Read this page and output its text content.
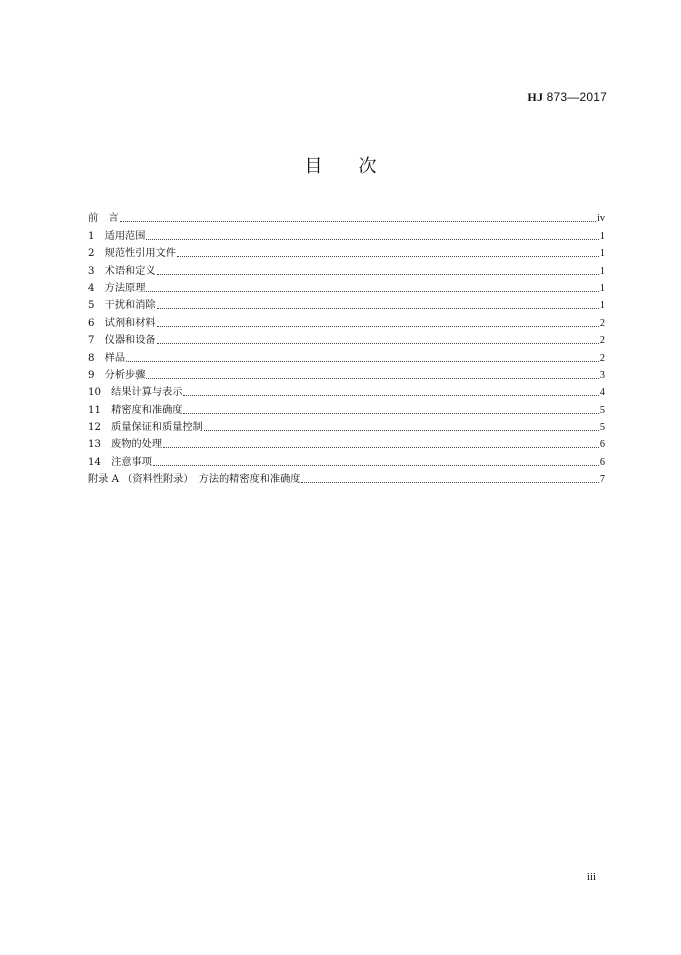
HJ 873—2017
目　　次
前　言	iv
1　适用范围	1
2　规范性引用文件	1
3　术语和定义	1
4　方法原理	1
5　干扰和消除	1
6　试剂和材料	2
7　仪器和设备	2
8　样品	2
9　分析步骤	3
10　结果计算与表示	4
11　精密度和准确度	5
12　质量保证和质量控制	5
13　废物的处理	6
14　注意事项	6
附录 A （资料性附录）　方法的精密度和准确度	7
iii
